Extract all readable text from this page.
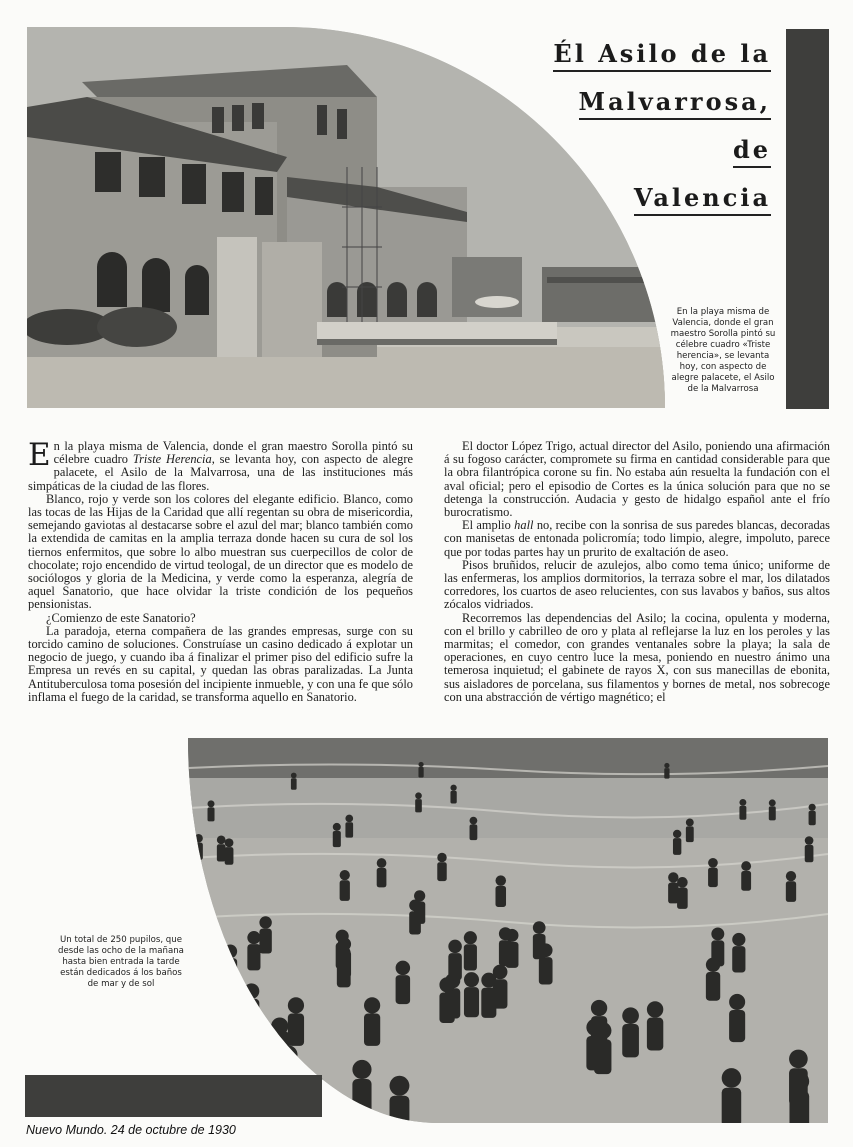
Él Asilo de la
Malvarrosa,
de
Valencia
En la playa misma de Valencia, donde el gran maestro Sorolla pintó su célebre cuadro «Triste herencia», se levanta hoy, con aspecto de alegre palacete, el Asilo de la Malvarrosa

En la playa misma de Valencia, donde el gran maestro Sorolla pintó su célebre cuadro Triste Herencia, se levanta hoy, con aspecto de alegre palacete, el Asilo de la Malvarrosa, una de las instituciones más simpáticas de la ciudad de las flores.

Blanco, rojo y verde son los colores del elegante edificio. Blanco, como las tocas de las Hijas de la Caridad que allí regentan su obra de misericordia, semejando gaviotas al destacarse sobre el azul del mar; blanco también como la extendida de camitas en la amplia terraza donde hacen su cura de sol los tiernos enfermitos, que sobre lo albo muestran sus cuerpecillos de color de chocolate; rojo encendido de virtud teologal, de un director que es modelo de sociólogos y gloria de la Medicina, y verde como la esperanza, alegría de aquel Sanatorio, que hace olvidar la triste condición de los pequeños pensionistas.

¿Comienzo de este Sanatorio?

La paradoja, eterna compañera de las grandes empresas, surge con su torcido camino de soluciones. Construíase un casino dedicado á explotar un negocio de juego, y cuando iba á finalizar el primer piso del edificio sufre la Empresa un revés en su capital, y quedan las obras paralizadas. La Junta Antituberculosa toma posesión del incipiente inmueble, y con una fe que sólo inflama el fuego de la caridad, se transforma aquello en Sanatorio.

El doctor López Trigo, actual director del Asilo, poniendo una afirmación á su fogoso carácter, compromete su firma en cantidad considerable para que la obra filantrópica corone su fin. No estaba aún resuelta la fundación con el aval oficial; pero el episodio de Cortes es la única solución para que no se detenga la construcción. Audacia y gesto de hidalgo español ante el frío burocratismo.

El amplio hall no, recibe con la sonrisa de sus paredes blancas, decoradas con manisetas de entonada policromía; todo limpio, alegre, impoluto, parece que por todas partes hay un prurito de exaltación de aseo.

Pisos bruñidos, relucir de azulejos, albo como tema único; uniforme de las enfermeras, los amplios dormitorios, la terraza sobre el mar, los dilatados corredores, los cuartos de aseo relucientes, con sus lavabos y baños, sus altos zócalos vidriados.

Recorremos las dependencias del Asilo; la cocina, opulenta y moderna, con el brillo y cabrilleo de oro y plata al reflejarse la luz en los peroles y las marmitas; el comedor, con grandes ventanales sobre la playa; la sala de operaciones, en cuyo centro luce la mesa, poniendo en nuestro ánimo una temerosa inquietud; el gabinete de rayos X, con sus manecillas de ebonita, sus aisladores de porcelana, sus filamentos y bornes de metal, nos sobrecoge con una abstracción de vértigo magnético; el

Un total de 250 pupilos, que desde las ocho de la mañana hasta bien entrada la tarde están dedicados á los baños de mar y de sol
Nuevo Mundo. 24 de octubre de 1930
